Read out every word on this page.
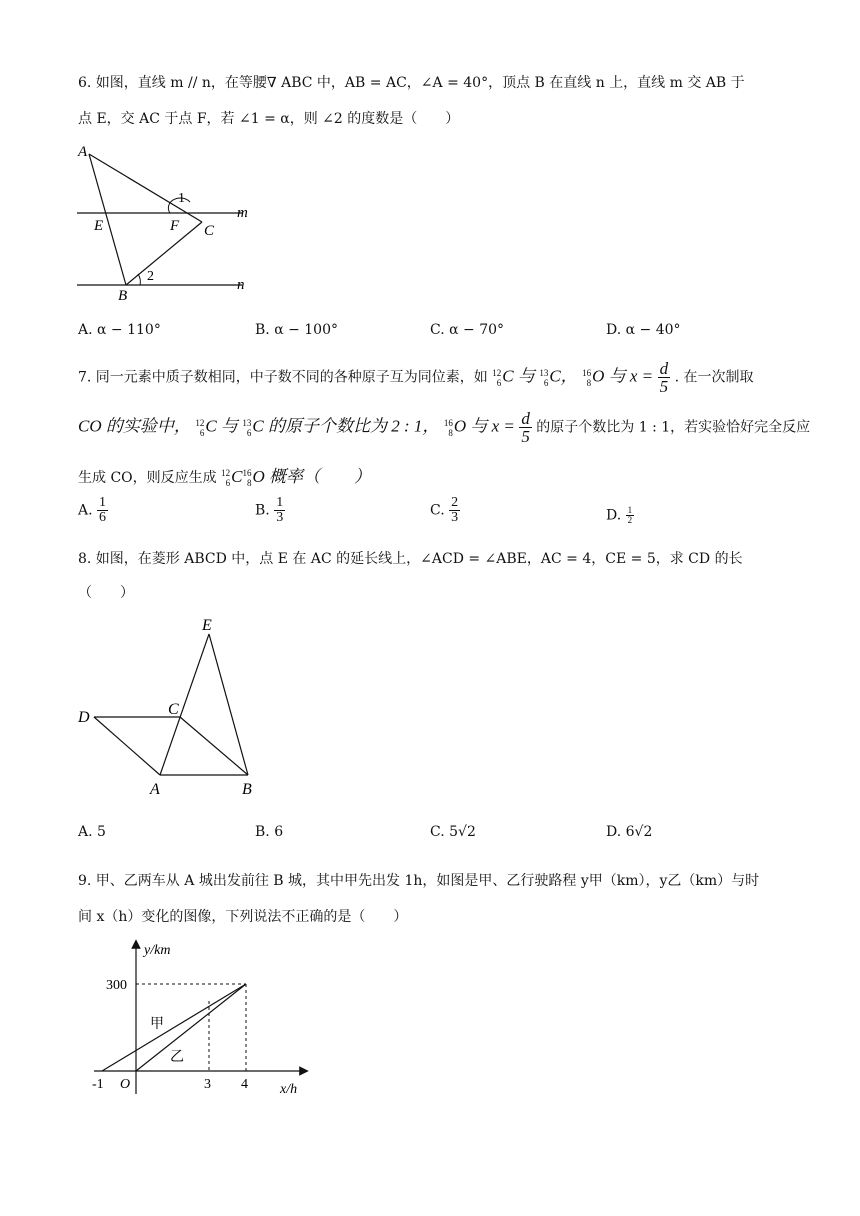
6. 如图，直线 m // n，在等腰∇ ABC 中，AB = AC，∠A = 40°，顶点 B 在直线 n 上，直线 m 交 AB 于
点 E，交 AC 于点 F，若 ∠1 = α，则 ∠2 的度数是（　　）
A
E	F C
B
m
n
1
2
A. α − 110°	B. α − 100°	C. α − 70°	D. α − 40°
7. 同一元素中质子数相同，中子数不同的各种原子互为同位素，如 12
6 C 与 13
6 C， 16
8 O 与 $x = \frac{d}{5}$ . 在一次制取
CO 的实验中， 12
6 C 与 13
6 C 的原子个数比为 2 : 1， 16
8 O 与 $x = \frac{d}{5}$ 的原子个数比为 1 : 1，若实验恰好完全反应
生成 CO，则反应生成 12
6 C 16
8 O 概率（　　）
A. $\frac{1}{6}$	B. $\frac{1}{3}$	C. $\frac{2}{3}$	D. $\frac{1}{2}$
8. 如图，在菱形 ABCD 中，点 E 在 AC 的延长线上，∠ACD = ∠ABE，AC = 4，CE = 5，求 CD 的长
（　　）
E
C
D
A	B
A. 5	B. 6	C. 5√2	D. 6√2
9. 甲、乙两车从 A 城出发前往 B 城，其中甲先出发 1h，如图是甲、乙行驶路程 y甲（km），y乙（km）与时
间 x（h）变化的图像，下列说法不正确的是（　　）
y/km
300
甲
乙
-1 O	3 4 x/h
